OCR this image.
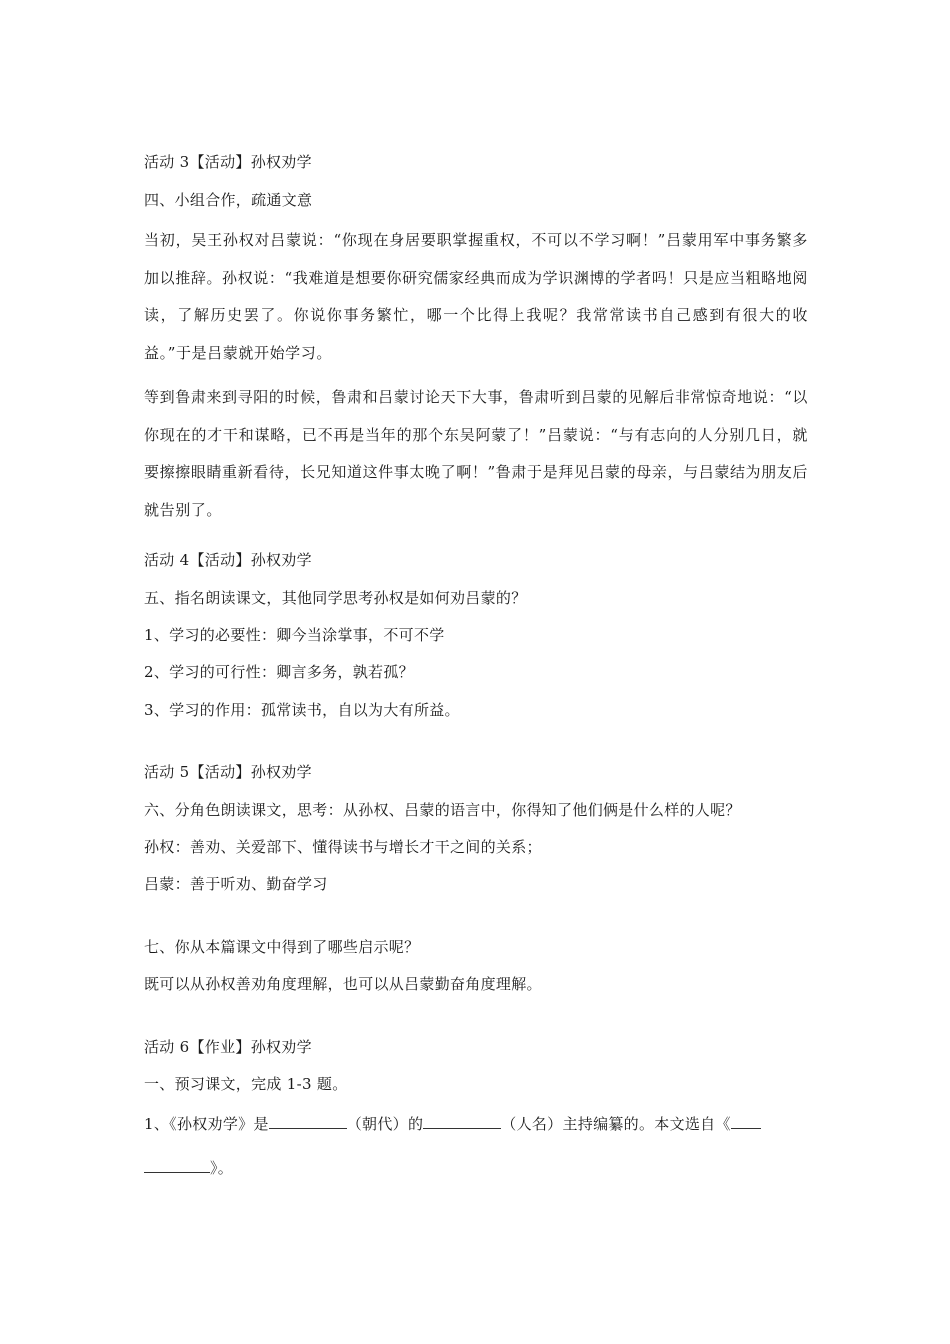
活动 3【活动】孙权劝学
四、小组合作，疏通文意
当初，吴王孙权对吕蒙说：“你现在身居要职掌握重权，不可以不学习啊！”吕蒙用军中事务繁多加以推辞。孙权说：“我难道是想要你研究儒家经典而成为学识渊博的学者吗！只是应当粗略地阅读，了解历史罢了。你说你事务繁忙，哪一个比得上我呢？我常常读书自己感到有很大的收益。”于是吕蒙就开始学习。
等到鲁肃来到寻阳的时候，鲁肃和吕蒙讨论天下大事，鲁肃听到吕蒙的见解后非常惊奇地说：“以你现在的才干和谋略，已不再是当年的那个东吴阿蒙了！”吕蒙说：“与有志向的人分别几日，就要擦擦眼睛重新看待，长兄知道这件事太晚了啊！”鲁肃于是拜见吕蒙的母亲，与吕蒙结为朋友后就告别了。
活动 4【活动】孙权劝学
五、指名朗读课文，其他同学思考孙权是如何劝吕蒙的？
1、学习的必要性：卿今当涂掌事，不可不学
2、学习的可行性：卿言多务，孰若孤？
3、学习的作用：孤常读书，自以为大有所益。
活动 5【活动】孙权劝学
六、分角色朗读课文，思考：从孙权、吕蒙的语言中，你得知了他们俩是什么样的人呢？
孙权：善劝、关爱部下、懂得读书与增长才干之间的关系；
吕蒙：善于听劝、勤奋学习
七、你从本篇课文中得到了哪些启示呢？
既可以从孙权善劝角度理解，也可以从吕蒙勤奋角度理解。
活动 6【作业】孙权劝学
一、预习课文，完成 1-3 题。
1、《孙权劝学》是	（朝代）的	（人名）主持编纂的。本文选自《
》。
